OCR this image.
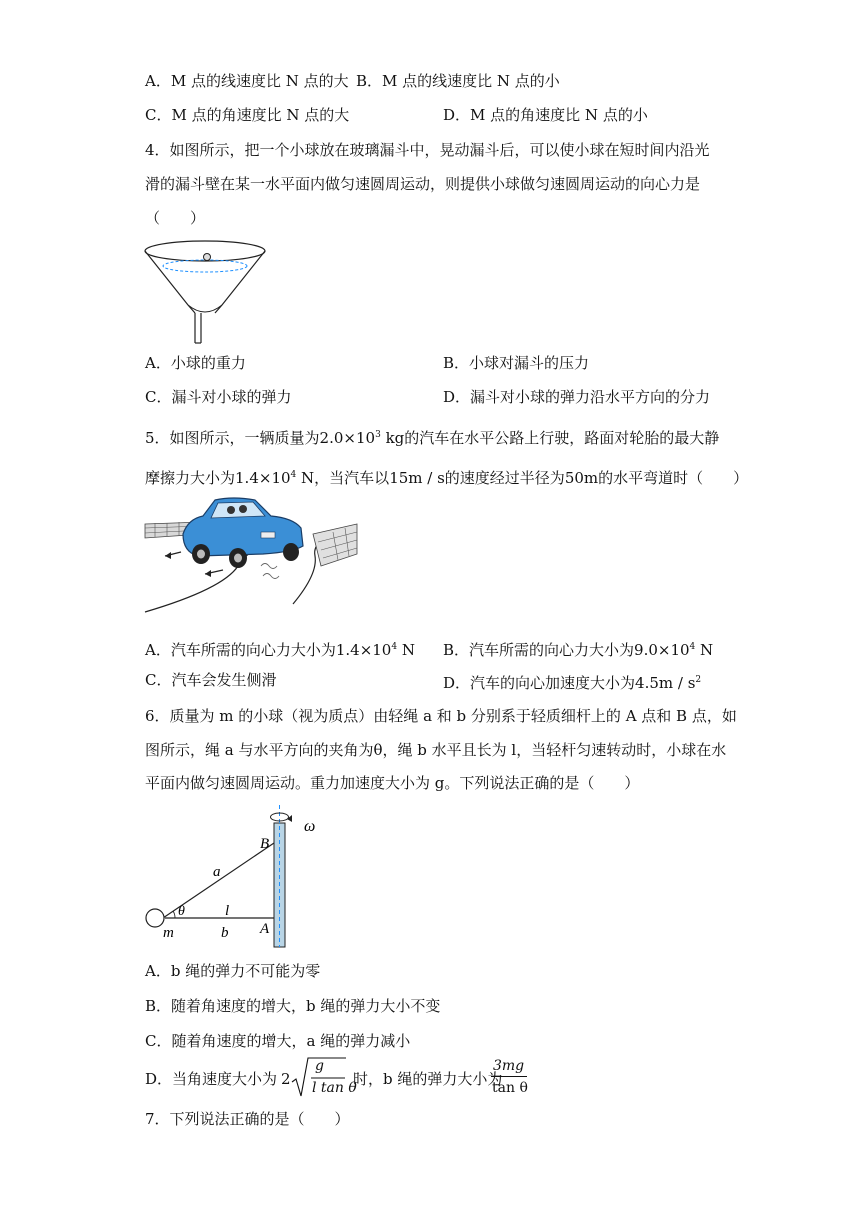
A．M 点的线速度比 N 点的大 B．M 点的线速度比 N 点的小
C．M 点的角速度比 N 点的大	D．M 点的角速度比 N 点的小
4．如图所示，把一个小球放在玻璃漏斗中，晃动漏斗后，可以使小球在短时间内沿光
滑的漏斗壁在某一水平面内做匀速圆周运动，则提供小球做匀速圆周运动的向心力是
（　　）
A．小球的重力	B．小球对漏斗的压力
C．漏斗对小球的弹力	D．漏斗对小球的弹力沿水平方向的分力
5．如图所示，一辆质量为$2.0\times 10^3$ kg的汽车在水平公路上行驶，路面对轮胎的最大静
摩擦力大小为$1.4\times 10^4$ N，当汽车以15m / s的速度经过半径为50m的水平弯道时（　　）
A．汽车所需的向心力大小为$1.4\times 10^4$ N B．汽车所需的向心力大小为$9.0\times 10^4$ N
C．汽车会发生侧滑	D．汽车的向心加速度大小为$4.5m / s^2$
6．质量为 m 的小球（视为质点）由轻绳 a 和 b 分别系于轻质细杆上的 A 点和 B 点，如
图所示，绳 a 与水平方向的夹角为θ，绳 b 水平且长为 l，当轻杆匀速转动时，小球在水
平面内做匀速圆周运动。重力加速度大小为 g。下列说法正确的是（　　）
ω
B
a
θ	l
m	b A
A．b 绳的弹力不可能为零
B．随着角速度的增大，b 绳的弹力大小不变
C．随着角速度的增大，a 绳的弹力减小
D．当角速度大小为 2
g
l tan θ
时，b 绳的弹力大小为
3mg
tan θ
7．下列说法正确的是（　　）
